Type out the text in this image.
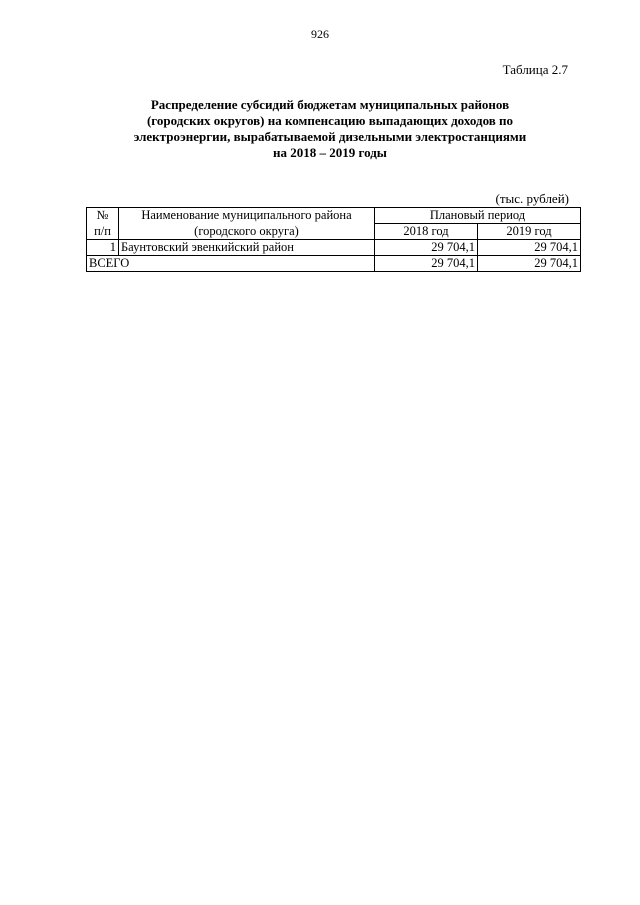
926
Таблица 2.7
Распределение субсидий бюджетам муниципальных районов
(городских округов) на компенсацию выпадающих доходов по
электроэнергии, вырабатываемой дизельными электростанциями
на 2018 – 2019 годы
(тыс. рублей)
№	Наименование муниципального района	Плановый период	
п/п	(городского округа)	2018 год	2019 год
1	Баунтовский эвенкийский район	29 704,1	29 704,1
ВСЕГО		29 704,1	29 704,1
